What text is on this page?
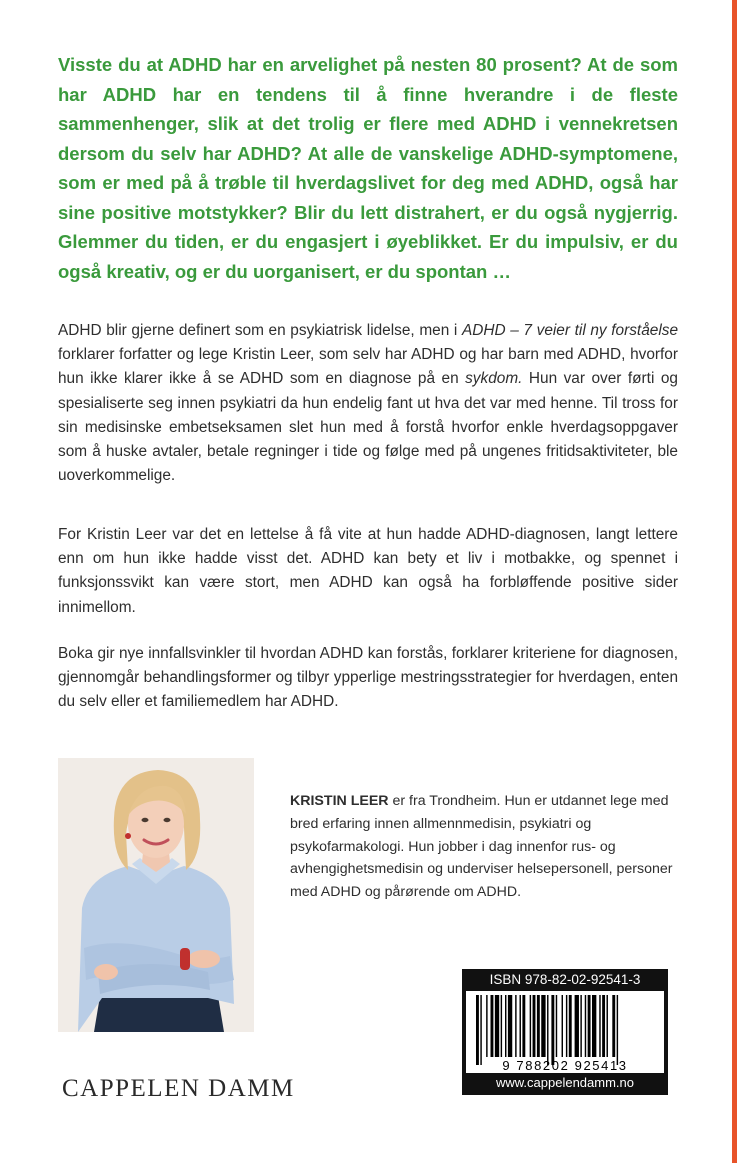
Visste du at ADHD har en arvelighet på nesten 80 prosent? At de som har ADHD har en tendens til å finne hverandre i de fleste sammenhenger, slik at det trolig er flere med ADHD i vennekretsen dersom du selv har ADHD? At alle de vanskelige ADHD-symptomene, som er med på å trøble til hverdagslivet for deg med ADHD, også har sine positive motstykker? Blir du lett distrahert, er du også nygjerrig. Glemmer du tiden, er du engasjert i øyeblikket. Er du impulsiv, er du også kreativ, og er du uorganisert, er du spontan …

ADHD blir gjerne definert som en psykiatrisk lidelse, men i ADHD – 7 veier til ny forståelse forklarer forfatter og lege Kristin Leer, som selv har ADHD og har barn med ADHD, hvorfor hun ikke klarer ikke å se ADHD som en diagnose på en sykdom. Hun var over førti og spesialiserte seg innen psykiatri da hun endelig fant ut hva det var med henne. Til tross for sin medisinske embetseksamen slet hun med å forstå hvorfor enkle hverdagsoppgaver som å huske avtaler, betale regninger i tide og følge med på ungenes fritidsaktiviteter, ble uoverkommelige.

For Kristin Leer var det en lettelse å få vite at hun hadde ADHD-diagnosen, langt lettere enn om hun ikke hadde visst det. ADHD kan bety et liv i motbakke, og spennet i funksjonssvikt kan være stort, men ADHD kan også ha forbløffende positive sider innimellom.

Boka gir nye innfallsvinkler til hvordan ADHD kan forstås, forklarer kriteriene for diagnosen, gjennomgår behandlingsformer og tilbyr ypperlige mestringsstrategier for hverdagen, enten du selv eller et familiemedlem har ADHD.

KRISTIN LEER er fra Trondheim. Hun er utdannet lege med bred erfaring innen allmennmedisin, psykiatri og psykofarmakologi. Hun jobber i dag innenfor rus- og avhengighetsmedisin og underviser helsepersonell, personer med ADHD og pårørende om ADHD.

CAPPELEN DAMM
ISBN 978-82-02-92541-3
9 788202 925413
www.cappelendamm.no
